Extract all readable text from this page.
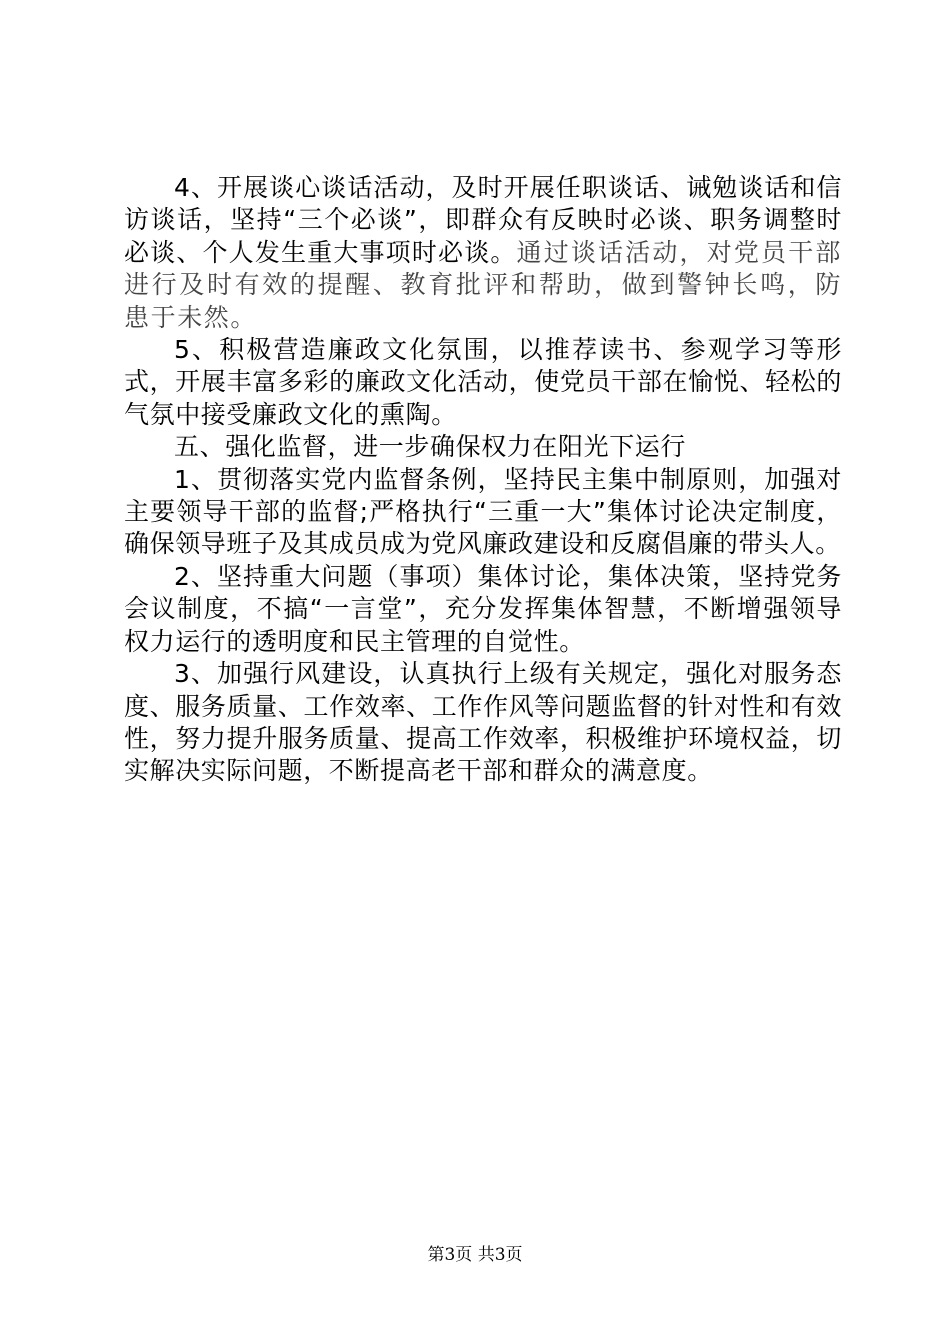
4、开展谈心谈话活动，及时开展任职谈话、诫勉谈话和信访谈话，坚持“三个必谈”，即群众有反映时必谈、职务调整时必谈、个人发生重大事项时必谈。通过谈话活动，对党员干部进行及时有效的提醒、教育批评和帮助，做到警钟长鸣，防患于未然。

5、积极营造廉政文化氛围，以推荐读书、参观学习等形式，开展丰富多彩的廉政文化活动，使党员干部在愉悦、轻松的气氛中接受廉政文化的熏陶。

五、强化监督，进一步确保权力在阳光下运行

1、贯彻落实党内监督条例，坚持民主集中制原则，加强对主要领导干部的监督;严格执行“三重一大”集体讨论决定制度，确保领导班子及其成员成为党风廉政建设和反腐倡廉的带头人。

2、坚持重大问题（事项）集体讨论，集体决策，坚持党务会议制度，不搞“一言堂”，充分发挥集体智慧，不断增强领导权力运行的透明度和民主管理的自觉性。

3、加强行风建设，认真执行上级有关规定，强化对服务态度、服务质量、工作效率、工作作风等问题监督的针对性和有效性，努力提升服务质量、提高工作效率，积极维护环境权益，切实解决实际问题，不断提高老干部和群众的满意度。

第3页 共3页
